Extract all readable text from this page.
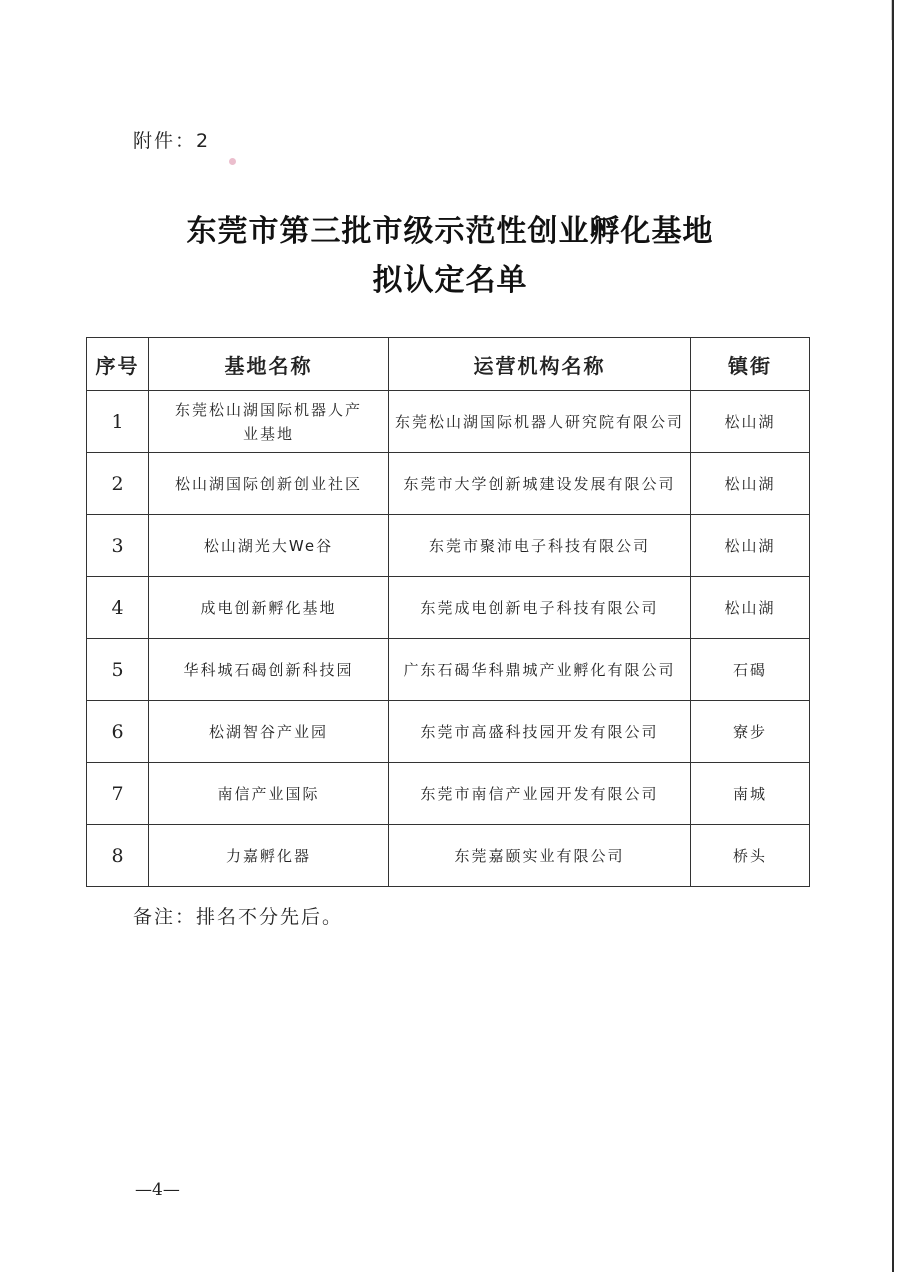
附件：2
东莞市第三批市级示范性创业孵化基地
拟认定名单
序号	基地名称	运营机构名称	镇街
1	东莞松山湖国际机器人产业基地	东莞松山湖国际机器人研究院有限公司	松山湖
2	松山湖国际创新创业社区	东莞市大学创新城建设发展有限公司	松山湖
3	松山湖光大We谷	东莞市聚沛电子科技有限公司	松山湖
4	成电创新孵化基地	东莞成电创新电子科技有限公司	松山湖
5	华科城石碣创新科技园	广东石碣华科鼎城产业孵化有限公司	石碣
6	松湖智谷产业园	东莞市高盛科技园开发有限公司	寮步
7	南信产业国际	东莞市南信产业园开发有限公司	南城
8	力嘉孵化器	东莞嘉颐实业有限公司	桥头
备注：排名不分先后。
—4—
